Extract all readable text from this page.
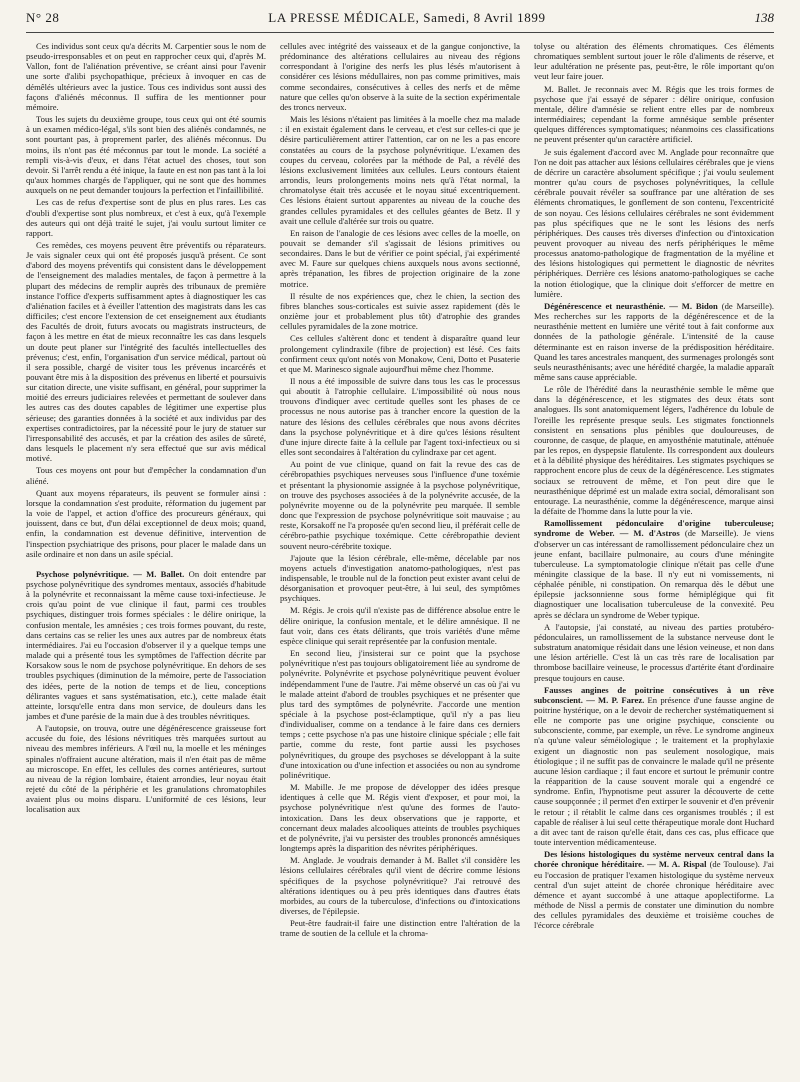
N° 28	LA PRESSE MÉDICALE, Samedi, 8 Avril 1899	138

Ces individus sont ceux qu'a décrits M. Carpentier sous le nom de pseudo-irresponsables et on peut en rapprocher ceux qui, d'après M. Vallon, font de l'aliénation préventive, se créant ainsi pour l'avenir une sorte d'alibi psychopathique, précieux à invoquer en cas de démêlés ultérieurs avec la justice. Tous ces individus sont aussi des façons d'aliénés méconnus. Il suffira de les mentionner pour mémoire.

Tous les sujets du deuxième groupe, tous ceux qui ont été soumis à un examen médico-légal, s'ils sont bien des aliénés condamnés, ne sont pourtant pas, à proprement parler, des aliénés méconnus. Du moins, ils n'ont pas été méconnus par tout le monde. La société a rempli vis-à-vis d'eux, et dans l'état actuel des choses, tout son devoir. Si l'arrêt rendu a été inique, la faute en est non pas tant à la loi qu'aux hommes chargés de l'appliquer, qui ne sont que des hommes auxquels on ne peut demander toujours la perfection et l'infaillibilité.

Les cas de refus d'expertise sont de plus en plus rares. Les cas d'oubli d'expertise sont plus nombreux, et c'est à eux, qu'à l'exemple des auteurs qui ont déjà traité le sujet, j'ai voulu surtout limiter ce rapport.

Ces remèdes, ces moyens peuvent être préventifs ou réparateurs. Je vais signaler ceux qui ont été proposés jusqu'à présent. Ce sont d'abord des moyens préventifs qui consistent dans le développement de l'enseignement des maladies mentales, de façon à permettre à la plupart des médecins de remplir auprès des tribunaux de première instance l'office d'experts suffisamment aptes à diagnostiquer les cas d'aliénation faciles et à éveiller l'attention des magistrats dans les cas difficiles; c'est encore l'extension de cet enseignement aux étudiants des Facultés de droit, futurs avocats ou magistrats instructeurs, de façon à les mettre en état de mieux reconnaître les cas dans lesquels un doute peut planer sur l'intégrité des facultés intellectuelles des prévenus; c'est, enfin, l'organisation d'un service médical, partout où il sera possible, chargé de visiter tous les prévenus incarcérés et pouvant être mis à la disposition des prévenus en liberté et poursuivis sur citation directe, une visite suffisant, en général, pour supprimer la moitié des erreurs judiciaires relevées et permettant de soulever dans les autres cas des doutes capables de légitimer une expertise plus sérieuse; des garanties données à la société et aux individus par des expertises contradictoires, par la nécessité pour le jury de statuer sur l'irresponsabilité des accusés, et par la création des asiles de sûreté, dans lesquels le placement n'y sera effectué que sur avis médical motivé.

Tous ces moyens ont pour but d'empêcher la condamnation d'un aliéné.

Quant aux moyens réparateurs, ils peuvent se formuler ainsi : lorsque la condamnation s'est produite, réformation du jugement par la voie de l'appel, et action d'office des procureurs généraux, qui jouissent, dans ce but, d'un délai exceptionnel de deux mois; quand, enfin, la condamnation est devenue définitive, intervention de l'inspection psychiatrique des prisons, pour placer le malade dans un asile ordinaire et non dans un asile spécial.

Psychose polynévritique. — M. Ballet. On doit entendre par psychose polynévritique des syndromes mentaux, associés d'habitude à la polynévrite et reconnaissant la même cause toxi-infectieuse. Je crois qu'au point de vue clinique il faut, parmi ces troubles psychiques, distinguer trois formes spéciales : le délire onirique, la confusion mentale, les amnésies ; ces trois formes pouvant, du reste, dans certains cas se relier les unes aux autres par de nombreux états intermédiaires. J'ai eu l'occasion d'observer il y a quelque temps une malade qui a présenté tous les symptômes de l'affection décrite par Korsakow sous le nom de psychose polynévritique. En dehors de ses troubles psychiques (diminution de la mémoire, perte de l'association des idées, perte de la notion de temps et de lieu, conceptions délirantes vagues et sans systématisation, etc.), cette malade était atteinte, lorsqu'elle entra dans mon service, de douleurs dans les jambes et d'une parésie de la main due à des troubles névritiques.

A l'autopsie, on trouva, outre une dégénérescence graisseuse fort accusée du foie, des lésions névritiques très marquées surtout au niveau des membres inférieurs. A l'œil nu, la moelle et les méninges spinales n'offraient aucune altération, mais il n'en était pas de même au microscope. En effet, les cellules des cornes antérieures, surtout au niveau de la région lombaire, étaient arrondies, leur noyau était rejeté du côté de la périphérie et les granulations chromatophiles avaient plus ou moins disparu. L'uniformité de ces lésions, leur localisation aux

cellules avec intégrité des vaisseaux et de la gangue conjonctive, la prédominance des altérations cellulaires au niveau des régions correspondant à l'origine des nerfs les plus lésés m'autorisent à considérer ces lésions médullaires, non pas comme primitives, mais comme secondaires, consécutives à celles des nerfs et de même nature que celles qu'on observe à la suite de la section expérimentale des troncs nerveux.

Mais les lésions n'étaient pas limitées à la moelle chez ma malade : il en existait également dans le cerveau, et c'est sur celles-ci que je désire particulièrement attirer l'attention, car on ne les a pas encore constatées au cours de la psychose polynévritique. L'examen des coupes du cerveau, colorées par la méthode de Pal, a révélé des lésions exclusivement limitées aux cellules. Leurs contours étaient arrondis, leurs prolongements moins nets qu'à l'état normal, la chromatolyse était très accusée et le noyau situé excentriquement. Ces lésions étaient surtout apparentes au niveau de la couche des grandes cellules pyramidales et des cellules géantes de Betz. Il y avait une cellule d'altérée sur trois ou quatre.

En raison de l'analogie de ces lésions avec celles de la moelle, on pouvait se demander s'il s'agissait de lésions primitives ou secondaires. Dans le but de vérifier ce point spécial, j'ai expérimenté avec M. Faure sur quelques chiens auxquels nous avons sectionné, après trépanation, les fibres de projection originaire de la zone motrice.

Il résulte de nos expériences que, chez le chien, la section des fibres blanches sous-corticales est suivie assez rapidement (dès le onzième jour et probablement plus tôt) d'atrophie des grandes cellules pyramidales de la zone motrice.

Ces cellules s'altèrent donc et tendent à disparaître quand leur prolongement cylindraxile (fibre de projection) est lésé. Ces faits confirment ceux qu'ont notés von Monakow, Ceni, Dotto et Pusaterie et que M. Marinesco signale aujourd'hui même chez l'homme.

Il nous a été impossible de suivre dans tous les cas le processus qui aboutit à l'atrophie cellulaire. L'impossibilité où nous nous trouvons d'indiquer avec certitude quelles sont les phases de ce processus ne nous autorise pas à trancher encore la question de la nature des lésions des cellules cérébrales que nous avons décrites dans la psychose polynévritique et à dire qu'ces lésions résultent d'une injure directe faite à la cellule par l'agent toxi-infectieux ou si elles sont secondaires à l'altération du cylindraxe par cet agent.

Au point de vue clinique, quand on fait la revue des cas de cérébropathies psychiques nerveuses sous l'influence d'une toxémie et présentant la physionomie assignée à la psychose polynévritique, on trouve des psychoses associées à de la polynévrite accusée, de la polynévrite moyenne ou de la polynévrite peu marquée. Il semble donc que l'expression de psychose polynévritique soit mauvaise ; au reste, Korsakoff ne l'a proposée qu'en second lieu, il préférait celle de cérébro-pathie psychique toxémique. Cette cérébropathie devient souvent neuro-cérébrite toxique.

J'ajoute que la lésion cérébrale, elle-même, décelable par nos moyens actuels d'investigation anatomo-pathologiques, n'est pas indispensable, le trouble nul de la fonction peut exister avant celui de désorganisation et provoquer peut-être, à lui seul, des symptômes psychiques.

M. Régis. Je crois qu'il n'existe pas de différence absolue entre le délire onirique, la confusion mentale, et le délire amnésique. Il ne faut voir, dans ces états délirants, que trois variétés d'une même espèce clinique qui serait représentée par la confusion mentale.

En second lieu, j'insisterai sur ce point que la psychose polynévritique n'est pas toujours obligatoirement liée au syndrome de polynévrite. Polynévrite et psychose polynévritique peuvent évoluer indépendamment l'une de l'autre. J'ai même observé un cas où j'ai vu le malade atteint d'abord de troubles psychiques et ne présenter que plus tard des symptômes de polynévrite. J'accorde une mention spéciale à la psychose post-éclamptique, qu'il n'y a pas lieu d'individualiser, comme on a tendance à le faire dans ces derniers temps ; cette psychose n'a pas une histoire clinique spéciale ; elle fait partie, comme du reste, font partie aussi les psychoses polynévritiques, du groupe des psychoses se développant à la suite d'une intoxication ou d'une infection et associées ou non au syndrome polinévritique.

M. Mabille. Je me propose de développer des idées presque identiques à celle que M. Régis vient d'exposer, et pour moi, la psychose polynévritique n'est qu'une des formes de l'auto-intoxication. Dans les deux observations que je rapporte, et concernant deux malades alcooliques atteints de troubles psychiques et de polynévrite, j'ai vu persister des troubles prononcés amnésiques longtemps après la disparition des névrites périphériques.

M. Anglade. Je voudrais demander à M. Ballet s'il considère les lésions cellulaires cérébrales qu'il vient de décrire comme lésions spécifiques de la psychose polynévritique? J'ai retrouvé des altérations identiques ou à peu près identiques dans d'autres états morbides, au cours de la tuberculose, d'infections ou d'intoxications diverses, de l'épilepsie.

Peut-être faudrait-il faire une distinction entre l'altération de la trame de soutien de la cellule et la chroma-

tolyse ou altération des éléments chromatiques. Ces éléments chromatiques semblent surtout jouer le rôle d'aliments de réserve, et leur adultération ne présente pas, peut-être, le rôle important qu'on veut leur faire jouer.

M. Ballet. Je reconnais avec M. Régis que les trois formes de psychose que j'ai essayé de séparer : délire onirique, confusion mentale, délire d'amnésie se relient entre elles par de nombreux intermédiaires; cependant la forme amnésique semble présenter quelques différences symptomatiques; néanmoins ces classifications ne peuvent présenter qu'un caractère artificiel.

Je suis également d'accord avec M. Anglade pour reconnaître que l'on ne doit pas attacher aux lésions cellulaires cérébrales que je viens de décrire un caractère absolument spécifique ; j'ai voulu seulement montrer qu'au cours de psychoses polynévritiques, la cellule cérébrale pouvait révéler sa souffrance par une altération de ses éléments chromatiques, le gonflement de son contenu, l'excentricité de son noyau. Ces lésions cellulaires cérébrales ne sont évidemment pas plus spécifiques que ne le sont les lésions des nerfs périphériques. Des causes très diverses d'infection ou d'intoxication peuvent provoquer au niveau des nerfs périphériques le même processus anatomo-pathologique de fragmentation de la myéline et des lésions histologiques qui permettent le diagnostic de névrites périphériques. Derrière ces lésions anatomo-pathologiques se cache la notion étiologique, que la clinique doit s'efforcer de mettre en lumière.

Dégénérescence et neurasthénie. — M. Bidon (de Marseille). Mes recherches sur les rapports de la dégénérescence et de la neurasthénie mettent en lumière une vérité tout à fait conforme aux données de la pathologie générale. L'intensité de la cause déterminante est en raison inverse de la prédisposition héréditaire. Quand les tares ancestrales manquent, des surmenages prolongés sont seuls neurasthénisants; avec une hérédité chargée, la maladie apparaît même sans cause appréciable.

Le rôle de l'hérédité dans la neurasthénie semble le même que dans la dégénérescence, et les stigmates des deux états sont analogues. Ils sont anatomiquement légers, l'adhérence du lobule de l'oreille les représente presque seuls. Les stigmates fonctionnels consistent en sensations plus pénibles que douloureuses, de couronne, de casque, de plaque, en amyosthénie matutinale, atténuée par les repos, en dyspepsie flatulente. Ils correspondent aux douleurs et à la débilité physique des héréditaires. Les stigmates psychiques se rapprochent encore plus de ceux de la dégénérescence. Les stigmates sociaux se retrouvent de même, et l'on peut dire que le neurasthénique déprimé est un malade extra social, démoralisant son entourage. La neurasthénie, comme la dégénérescence, marque ainsi la défaite de l'homme dans la lutte pour la vie.

Ramollissement pédonculaire d'origine tuberculeuse; syndrome de Weber. — M. d'Astros (de Marseille). Je viens d'observer un cas intéressant de ramollissement pédonculaire chez un jeune enfant, bacillaire pulmonaire, au cours d'une méningite tuberculeuse. La symptomatologie clinique n'était pas celle d'une méningite classique de la base. Il n'y eut ni vomissements, ni céphalée pénible, ni constipation. On remarqua dès le début une épilepsie jacksonnienne sous forme hémiplégique qui fit diagnostiquer une localisation tuberculeuse de la convexité. Peu après se déclara un syndrome de Weber typique.

A l'autopsie, j'ai constaté, au niveau des parties protubéro-pédonculaires, un ramollissement de la substance nerveuse dont le substratum anatomique résidait dans une lésion veineuse, et non dans une lésion artérielle. C'est là un cas très rare de localisation par thrombose bacillaire veineuse, le processus d'artérite étant d'ordinaire presque toujours en cause.

Fausses angines de poitrine consécutives à un rêve subconscient. — M. P. Farez. En présence d'une fausse angine de poitrine hystérique, on a le devoir de rechercher systématiquement si elle ne comporte pas une origine psychique, consciente ou subconsciente, comme, par exemple, un rêve. Le syndrome angineux n'a qu'une valeur séméiologique ; le traitement et la prophylaxie exigent un diagnostic non pas seulement nosologique, mais étiologique ; il ne suffit pas de convaincre le malade qu'il ne présente aucune lésion cardiaque ; il faut encore et surtout le prémunir contre la réapparition de la cause souvent morale qui a engendré ce syndrome. Enfin, l'hypnotisme peut assurer la découverte de cette cause soupçonnée ; il permet d'en extirper le souvenir et d'en prévenir le retour ; il rétablit le calme dans ces organismes troublés ; il est capable de réaliser à lui seul cette thérapeutique morale dont Huchard a dit avec tant de raison qu'elle était, dans ces cas, plus efficace que toute intervention médicamenteuse.

Des lésions histologiques du système nerveux central dans la chorée chronique héréditaire. — M. A. Rispal (de Toulouse). J'ai eu l'occasion de pratiquer l'examen histologique du système nerveux central d'un sujet atteint de chorée chronique héréditaire avec démence et ayant succombé à une attaque apoplectiforme. La méthode de Nissl a permis de constater une diminution du nombre des cellules pyramidales des deuxième et troisième couches de l'écorce cérébrale
